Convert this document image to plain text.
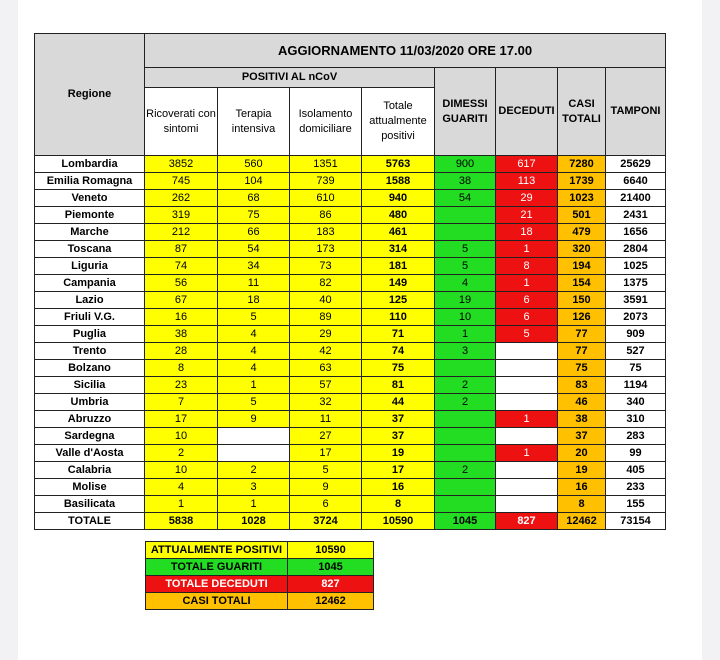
Regione	AGGIORNAMENTO 11/03/2020 ORE 17.00							
	POSITIVI AL nCoV				DIMESSI GUARITI	DECEDUTI	CASI TOTALI	TAMPONI
	Ricoverati con sintomi	Terapia intensiva	Isolamento domiciliare	Totale attualmente positivi				
Lombardia	3852	560	1351	5763	900	617	7280	25629
Emilia Romagna	745	104	739	1588	38	113	1739	6640
Veneto	262	68	610	940	54	29	1023	21400
Piemonte	319	75	86	480		21	501	2431
Marche	212	66	183	461		18	479	1656
Toscana	87	54	173	314	5	1	320	2804
Liguria	74	34	73	181	5	8	194	1025
Campania	56	11	82	149	4	1	154	1375
Lazio	67	18	40	125	19	6	150	3591
Friuli V.G.	16	5	89	110	10	6	126	2073
Puglia	38	4	29	71	1	5	77	909
Trento	28	4	42	74	3		77	527
Bolzano	8	4	63	75			75	75
Sicilia	23	1	57	81	2		83	1194
Umbria	7	5	32	44	2		46	340
Abruzzo	17	9	11	37		1	38	310
Sardegna	10		27	37			37	283
Valle d'Aosta	2		17	19		1	20	99
Calabria	10	2	5	17	2		19	405
Molise	4	3	9	16			16	233
Basilicata	1	1	6	8			8	155
TOTALE	5838	1028	3724	10590	1045	827	12462	73154
ATTUALMENTE POSITIVI	10590
TOTALE GUARITI	1045
TOTALE DECEDUTI	827
CASI TOTALI	12462
